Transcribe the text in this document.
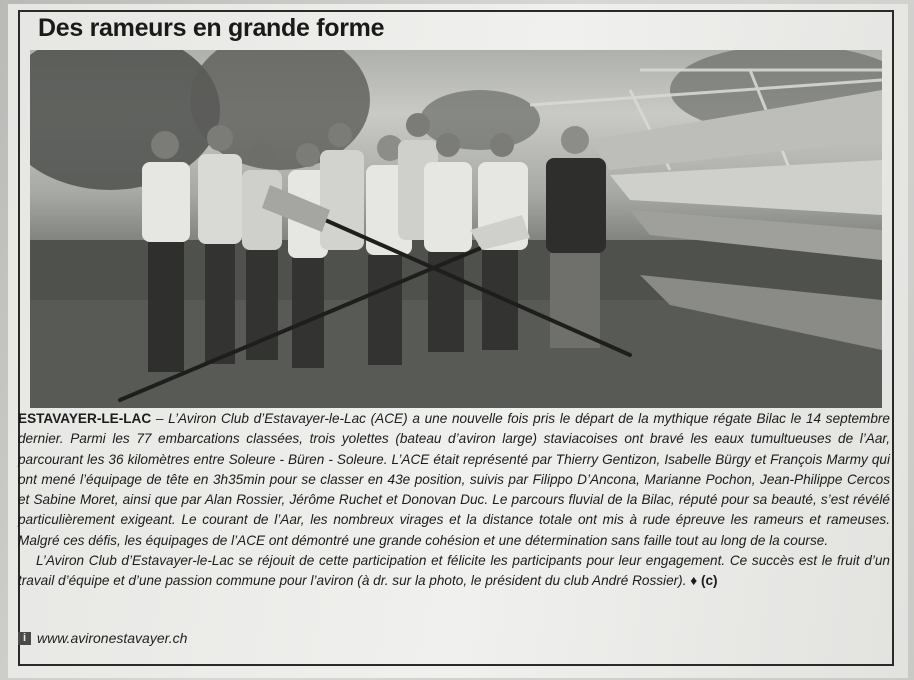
Des rameurs en grande forme

ESTAVAYER-LE-LAC – L’Aviron Club d’Estavayer-le-Lac (ACE) a une nouvelle fois pris le départ de la mythique régate Bilac le 14 septembre dernier. Parmi les 77 embarcations classées, trois yolettes (bateau d’aviron large) staviacoises ont bravé les eaux tumultueuses de l’Aar, parcourant les 36 kilomètres entre Soleure - Büren - Soleure. L’ACE était représenté par Thierry Gentizon, Isabelle Bürgy et François Marmy qui ont mené l’équipage de tête en 3h35min pour se classer en 43e position, suivis par Filippo D’Ancona, Marianne Pochon, Jean-Philippe Cercos et Sabine Moret, ainsi que par Alan Rossier, Jérôme Ruchet et Donovan Duc. Le parcours fluvial de la Bilac, réputé pour sa beauté, s’est révélé particulièrement exigeant. Le courant de l’Aar, les nombreux virages et la distance totale ont mis à rude épreuve les rameurs et rameuses. Malgré ces défis, les équipages de l’ACE ont démontré une grande cohésion et une détermination sans faille tout au long de la course.

L’Aviron Club d’Estavayer-le-Lac se réjouit de cette participation et félicite les participants pour leur engagement. Ce succès est le fruit d’un travail d’équipe et d’une passion commune pour l’aviron (à dr. sur la photo, le président du club André Rossier). ♦ (c)

i www.avironestavayer.ch
